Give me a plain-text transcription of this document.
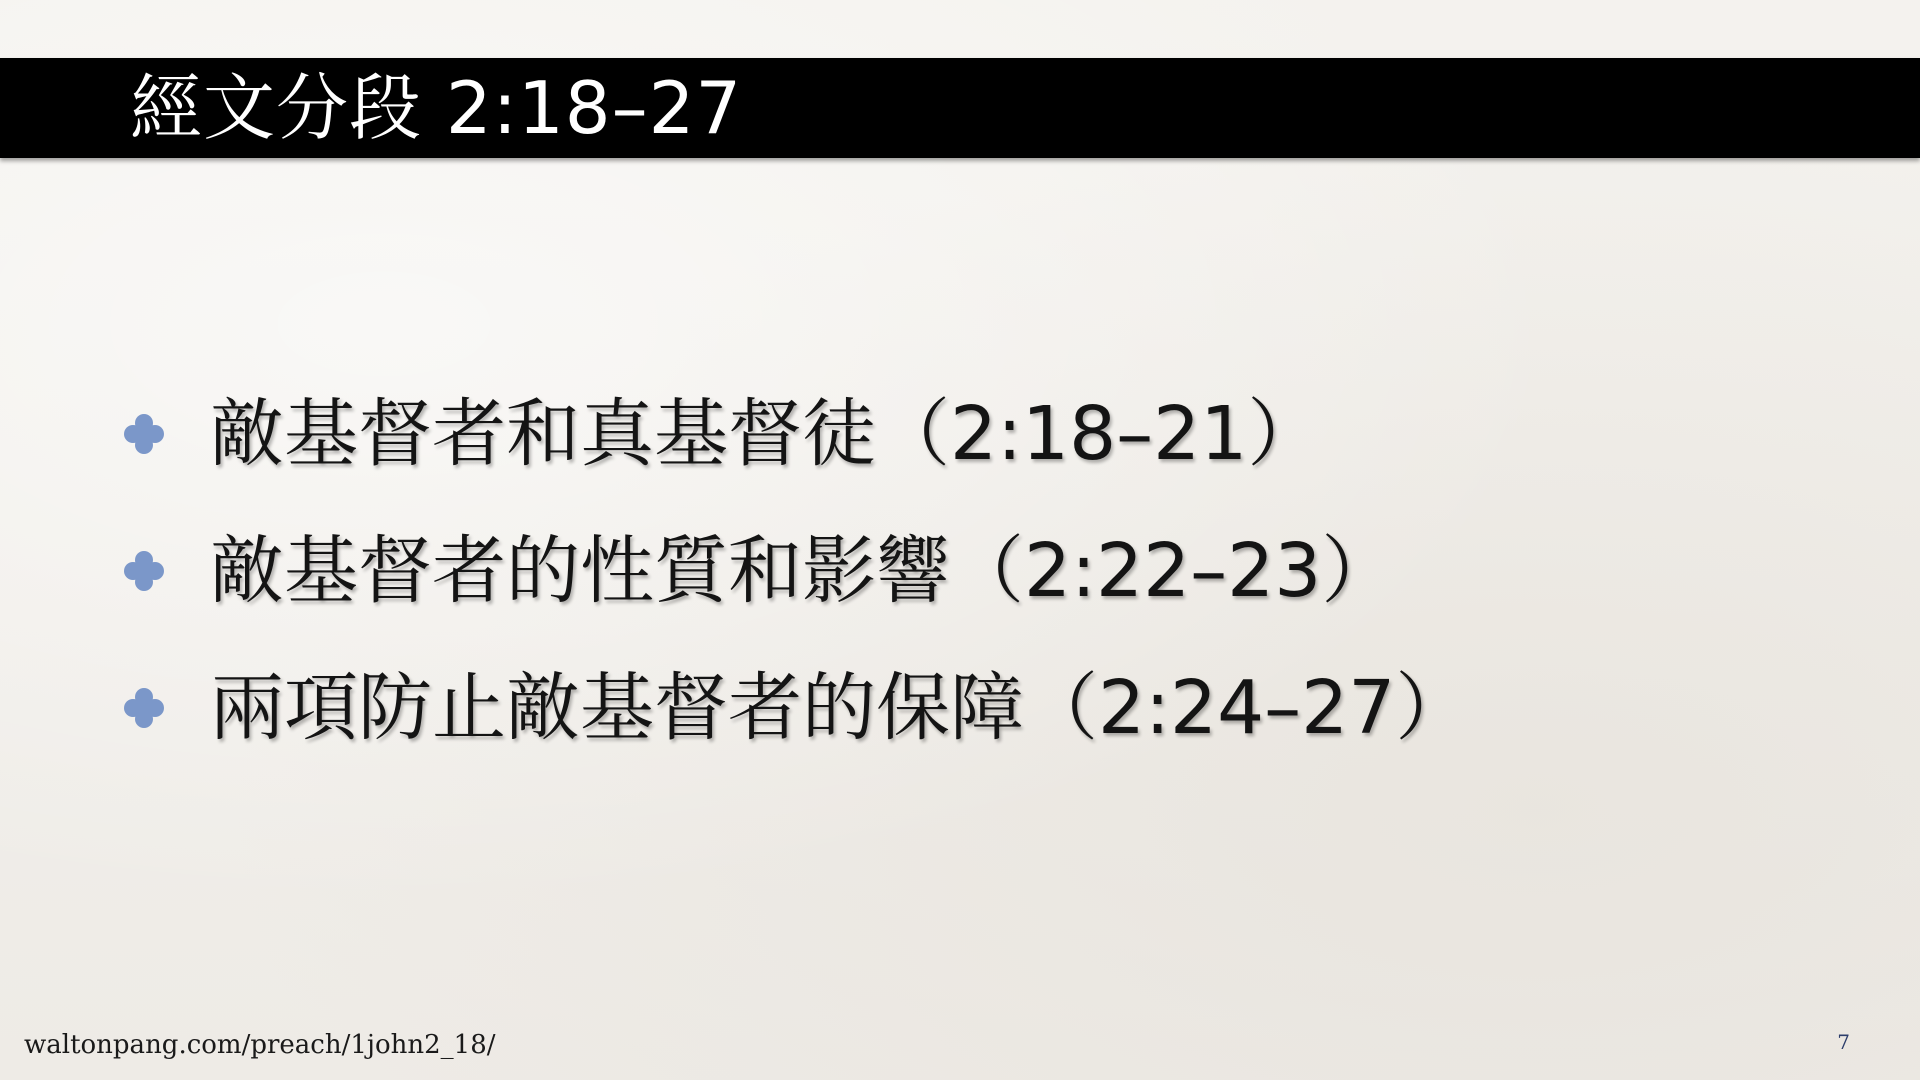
經文分段 2:18–27
敵基督者和真基督徒（2:18–21）
敵基督者的性質和影響（2:22–23）
兩項防止敵基督者的保障（2:24–27）
waltonpang.com/preach/1john2_18/	7
